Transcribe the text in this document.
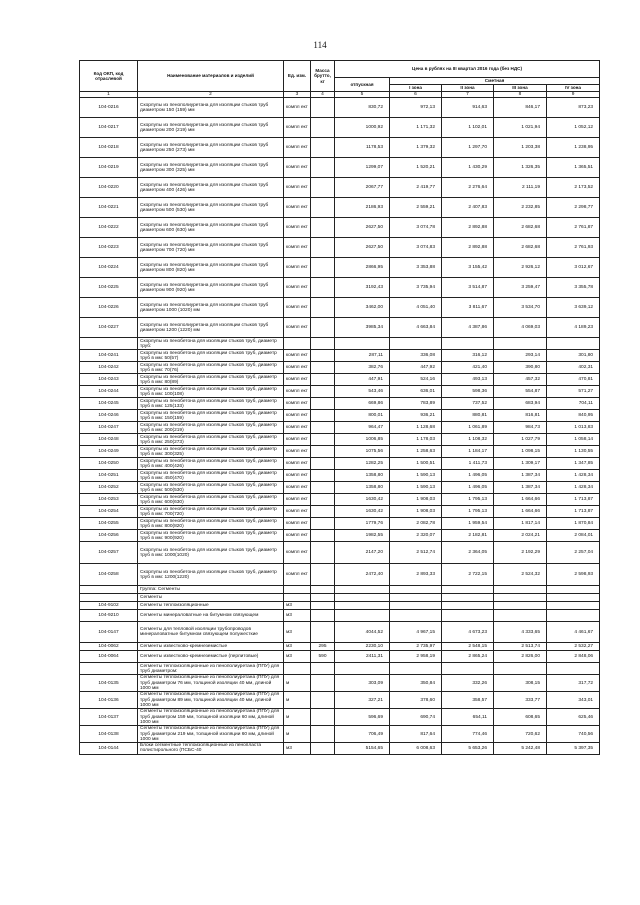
114
Код ОКП, код отраслевой	Наименование материалов и изделий	Ед. изм.	Масса брутто, кг	Цена в рублях на III квартал 2016 года (без НДС)				
				отпускная	Сметная			
					I зона	II зона	III зона	IV зона
1	2	3	4	5	6	7	8	9
104-0216	Скорлупы из пенополиуретана для изоляции стыков труб диаметром 150 (159) мм	компл ект		830,72	972,13	914,63	846,17	873,23
104-0217	Скорлупы из пенополиуретана для изоляции стыков труб диаметром 200 (219) мм	компл ект		1000,92	1 171,32	1 102,01	1 021,94	1 052,12
104-0218	Скорлупы из пенополиуретана для изоляции стыков труб диаметром 250 (273) мм	компл ект		1178,53	1 379,32	1 297,70	1 203,38	1 238,95
104-0219	Скорлупы из пенополиуретана для изоляции стыков труб диаметром 300 (325) мм	компл ект		1299,07	1 520,21	1 430,29	1 326,35	1 365,51
104-0220	Скорлупы из пенополиуретана для изоляции стыков труб диаметром 400 (426) мм	компл ект		2067,77	2 419,77	2 276,64	2 111,19	2 173,52
104-0221	Скорлупы из пенополиуретана для изоляции стыков труб диаметром 500 (530) мм	компл ект		2186,93	2 559,21	2 407,83	2 232,85	2 298,77
104-0222	Скорлупы из пенополиуретана для изоляции стыков труб диаметром 600 (630) мм	компл ект		2627,50	3 074,78	2 892,88	2 682,68	2 761,87
104-0223	Скорлупы из пенополиуретана для изоляции стыков труб диаметром 700 (720) мм	компл ект		2627,50	3 074,83	2 892,88	2 682,68	2 761,93
104-0224	Скорлупы из пенополиуретана для изоляции стыков труб диаметром 800 (820) мм	компл ект		2866,95	3 353,88	3 155,42	2 926,12	3 012,67
104-0225	Скорлупы из пенополиуретана для изоляции стыков труб диаметром 900 (920) мм	компл ект		3192,43	3 735,94	3 514,87	3 259,47	3 355,78
104-0226	Скорлупы из пенополиуретана для изоляции стыков труб диаметром 1000 (1020) мм	компл ект		3462,00	4 051,40	3 811,67	3 534,70	3 639,12
104-0227	Скорлупы из пенополиуретана для изоляции стыков труб диаметром 1200 (1220) мм	компл ект		3985,34	4 663,84	4 387,86	4 069,03	4 189,23
	Скорлупы из пенобетона для изоляции стыков труб, диаметр труб:							
104-0241	Скорлупы из пенобетона для изоляции стыков труб, диаметр труб в мм: 50(57)	компл ект		287,11	336,08	316,12	293,14	301,80
104-0242	Скорлупы из пенобетона для изоляции стыков труб, диаметр труб в мм: 70(76)	компл ект		382,76	447,92	421,40	390,80	402,31
104-0243	Скорлупы из пенобетона для изоляции стыков труб, диаметр труб в мм: 80(89)	компл ект		447,91	524,16	493,13	457,32	470,81
104-0244	Скорлупы из пенобетона для изоляции стыков труб, диаметр труб в мм: 100(108)	компл ект		543,46	636,01	598,36	554,87	571,27
104-0245	Скорлупы из пенобетона для изоляции стыков труб, диаметр труб в мм: 125(133)	компл ект		669,86	783,89	737,52	683,94	704,11
104-0246	Скорлупы из пенобетона для изоляции стыков труб, диаметр труб в мм: 150(159)	компл ект		800,01	936,21	880,81	816,81	840,95
104-0247	Скорлупы из пенобетона для изоляции стыков труб, диаметр труб в мм: 200(219)	компл ект		964,47	1 128,68	1 061,89	984,73	1 013,83
104-0248	Скорлупы из пенобетона для изоляции стыков труб, диаметр труб в мм: 250(273)	компл ект		1006,85	1 178,03	1 108,32	1 027,79	1 058,14
104-0249	Скорлупы из пенобетона для изоляции стыков труб, диаметр труб в мм: 300(325)	компл ект		1075,56	1 258,63	1 184,17	1 098,15	1 130,55
104-0250	Скорлупы из пенобетона для изоляции стыков труб, диаметр труб в мм: 400(426)	компл ект		1282,25	1 500,51	1 411,73	1 309,17	1 347,85
104-0251	Скорлупы из пенобетона для изоляции стыков труб, диаметр труб в мм: 450(470)	компл ект		1358,80	1 590,13	1 496,05	1 387,34	1 428,34
104-0252	Скорлупы из пенобетона для изоляции стыков труб, диаметр труб в мм: 500(530)	компл ект		1358,80	1 590,13	1 496,05	1 387,34	1 428,34
104-0253	Скорлупы из пенобетона для изоляции стыков труб, диаметр труб в мм: 600(630)	компл ект		1630,42	1 908,03	1 795,13	1 664,66	1 713,87
104-0254	Скорлупы из пенобетона для изоляции стыков труб, диаметр труб в мм: 700(720)	компл ект		1630,42	1 908,03	1 795,13	1 664,66	1 713,87
104-0255	Скорлупы из пенобетона для изоляции стыков труб, диаметр труб в мм: 800(820)	компл ект		1779,76	2 082,78	1 959,54	1 817,14	1 870,84
104-0256	Скорлупы из пенобетона для изоляции стыков труб, диаметр труб в мм: 900(920)	компл ект		1982,55	2 320,07	2 182,81	2 024,21	2 084,01
104-0257	Скорлупы из пенобетона для изоляции стыков труб, диаметр труб в мм: 1000(1020)	компл ект		2147,20	2 512,74	2 364,05	2 192,29	2 257,04
104-0258	Скорлупы из пенобетона для изоляции стыков труб, диаметр труб в мм: 1200(1220)	компл ект		2472,40	2 893,33	2 722,15	2 524,32	2 598,93
	Группа: Сегменты							
	Сегменты							
104-9102	Сегменты теплоизоляционные	м3						
104-9210	Сегменты минераловатные на битумном связующем	м3						
104-0147	Сегменты для тепловой изоляции трубопроводов минераловатные битумном связующем полужесткие	м3		4044,52	4 967,15	4 673,23	4 333,65	4 461,67
104-0062	Сегменты известково-кремнеземистые	м3	295	2230,10	2 735,97	2 548,15	2 513,74	2 532,27
104-0064	Сегменты известково-кремнеземистые (перлитовые)	м3	590	2411,31	2 958,19	2 865,24	2 826,00	2 848,06
	Сегменты теплоизоляционные из пенополиуретана (ППУ) для труб диаметром:							
104-0135	Сегменты теплоизоляционные из пенополиуретана (ППУ) для труб диаметром 76 мм, толщиной изоляции 40 мм, длиной 1000 мм	м		303,09	350,84	332,26	308,15	317,72
104-0136	Сегменты теплоизоляционные из пенополиуретана (ППУ) для труб диаметром 89 мм, толщиной изоляции 40 мм, длиной 1000 мм	м		327,21	378,60	358,57	333,77	343,01
104-0137	Сегменты теплоизоляционные из пенополиуретана (ППУ) для труб диаметром 159 мм, толщиной изоляции 60 мм, длиной 1000 мм	м		596,69	690,74	654,11	608,65	625,46
104-0138	Сегменты теплоизоляционные из пенополиуретана (ППУ) для труб диаметром 219 мм, толщиной изоляции 60 мм, длиной 1000 мм	м		706,49	817,64	774,46	720,62	740,56
104-0144	Блоки сегментные теплоизоляционные из пенопласта полистирольного (ПСБС-40	м3		5154,65	6 008,63	5 653,26	5 242,48	5 397,35
